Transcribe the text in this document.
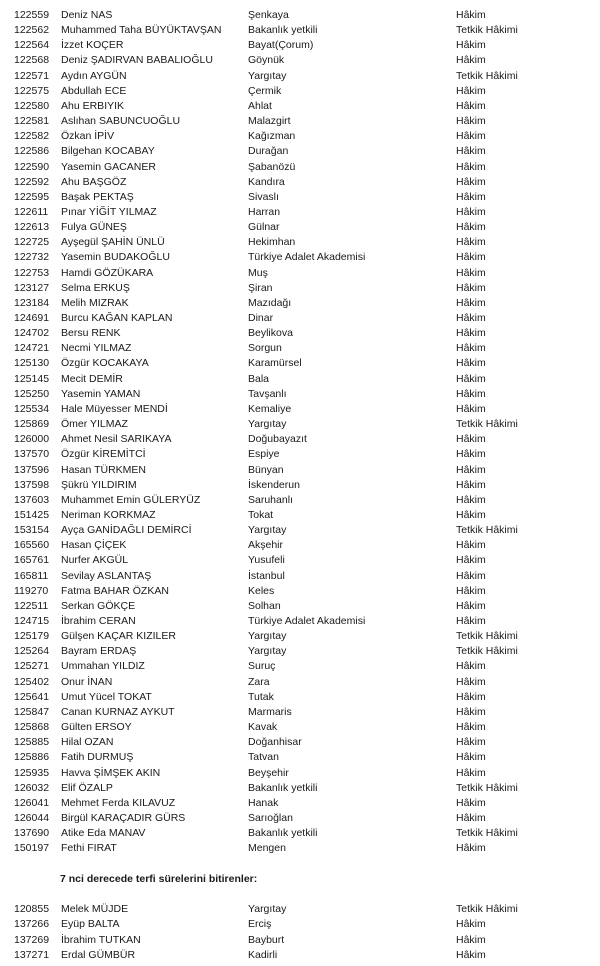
122559 Deniz NAS	Şenkaya	Hâkim
122562 Muhammed Taha BÜYÜKTAVŞAN	Bakanlık yetkili	Tetkik Hâkimi
122564 İzzet KOÇER	Bayat(Çorum)	Hâkim
122568 Deniz ŞADIRVAN BABALIOĞLU	Göynük	Hâkim
122571 Aydın AYGÜN	Yargıtay	Tetkik Hâkimi
122575 Abdullah ECE	Çermik	Hâkim
122580 Ahu ERBIYIK	Ahlat	Hâkim
122581 Aslıhan SABUNCUOĞLU	Malazgirt	Hâkim
122582 Özkan İPİV	Kağızman	Hâkim
122586 Bilgehan KOCABAY	Durağan	Hâkim
122590 Yasemin GACANER	Şabanözü	Hâkim
122592 Ahu BAŞGÖZ	Kandıra	Hâkim
122595 Başak PEKTAŞ	Sivaslı	Hâkim
122611 Pınar YİĞİT YILMAZ	Harran	Hâkim
122613 Fulya GÜNEŞ	Gülnar	Hâkim
122725 Ayşegül ŞAHİN ÜNLÜ	Hekimhan	Hâkim
122732 Yasemin BUDAKOĞLU	Türkiye Adalet Akademisi	Hâkim
122753 Hamdi GÖZÜKARA	Muş	Hâkim
123127 Selma ERKUŞ	Şiran	Hâkim
123184 Melih MIZRAK	Mazıdağı	Hâkim
124691 Burcu KAĞAN KAPLAN	Dinar	Hâkim
124702 Bersu RENK	Beylikova	Hâkim
124721 Necmi YILMAZ	Sorgun	Hâkim
125130 Özgür KOCAKAYA	Karamürsel	Hâkim
125145 Mecit DEMİR	Bala	Hâkim
125250 Yasemin YAMAN	Tavşanlı	Hâkim
125534 Hale Müyesser MENDİ	Kemaliye	Hâkim
125869 Ömer YILMAZ	Yargıtay	Tetkik Hâkimi
126000 Ahmet Nesil SARIKAYA	Doğubayazıt	Hâkim
137570 Özgür KİREMİTCİ	Espiye	Hâkim
137596 Hasan TÜRKMEN	Bünyan	Hâkim
137598 Şükrü YILDIRIM	İskenderun	Hâkim
137603 Muhammet Emin GÜLERYÜZ	Saruhanlı	Hâkim
151425 Neriman KORKMAZ	Tokat	Hâkim
153154 Ayça GANİDAĞLI DEMİRCİ	Yargıtay	Tetkik Hâkimi
165560 Hasan ÇİÇEK	Akşehir	Hâkim
165761 Nurfer AKGÜL	Yusufeli	Hâkim
165811 Sevilay ASLANTAŞ	İstanbul	Hâkim
119270 Fatma BAHAR ÖZKAN	Keles	Hâkim
122511 Serkan GÖKÇE	Solhan	Hâkim
124715 İbrahim CERAN	Türkiye Adalet Akademisi	Hâkim
125179 Gülşen KAÇAR KIZILER	Yargıtay	Tetkik Hâkimi
125264 Bayram ERDAŞ	Yargıtay	Tetkik Hâkimi
125271 Ummahan YILDIZ	Suruç	Hâkim
125402 Onur İNAN	Zara	Hâkim
125641 Umut Yücel TOKAT	Tutak	Hâkim
125847 Canan KURNAZ AYKUT	Marmaris	Hâkim
125868 Gülten ERSOY	Kavak	Hâkim
125885 Hilal OZAN	Doğanhisar	Hâkim
125886 Fatih DURMUŞ	Tatvan	Hâkim
125935 Havva ŞİMŞEK AKIN	Beyşehir	Hâkim
126032 Elif ÖZALP	Bakanlık yetkili	Tetkik Hâkimi
126041 Mehmet Ferda KILAVUZ	Hanak	Hâkim
126044 Birgül KARAÇADIR GÜRS	Sarıoğlan	Hâkim
137690 Atike Eda MANAV	Bakanlık yetkili	Tetkik Hâkimi
150197 Fethi FIRAT	Mengen	Hâkim
7 nci derecede terfi sürelerini bitirenler:
120855 Melek MÜJDE	Yargıtay	Tetkik Hâkimi
137266 Eyüp BALTA	Erciş	Hâkim
137269 İbrahim TUTKAN	Bayburt	Hâkim
137271 Erdal GÜMBÜR	Kadirli	Hâkim
